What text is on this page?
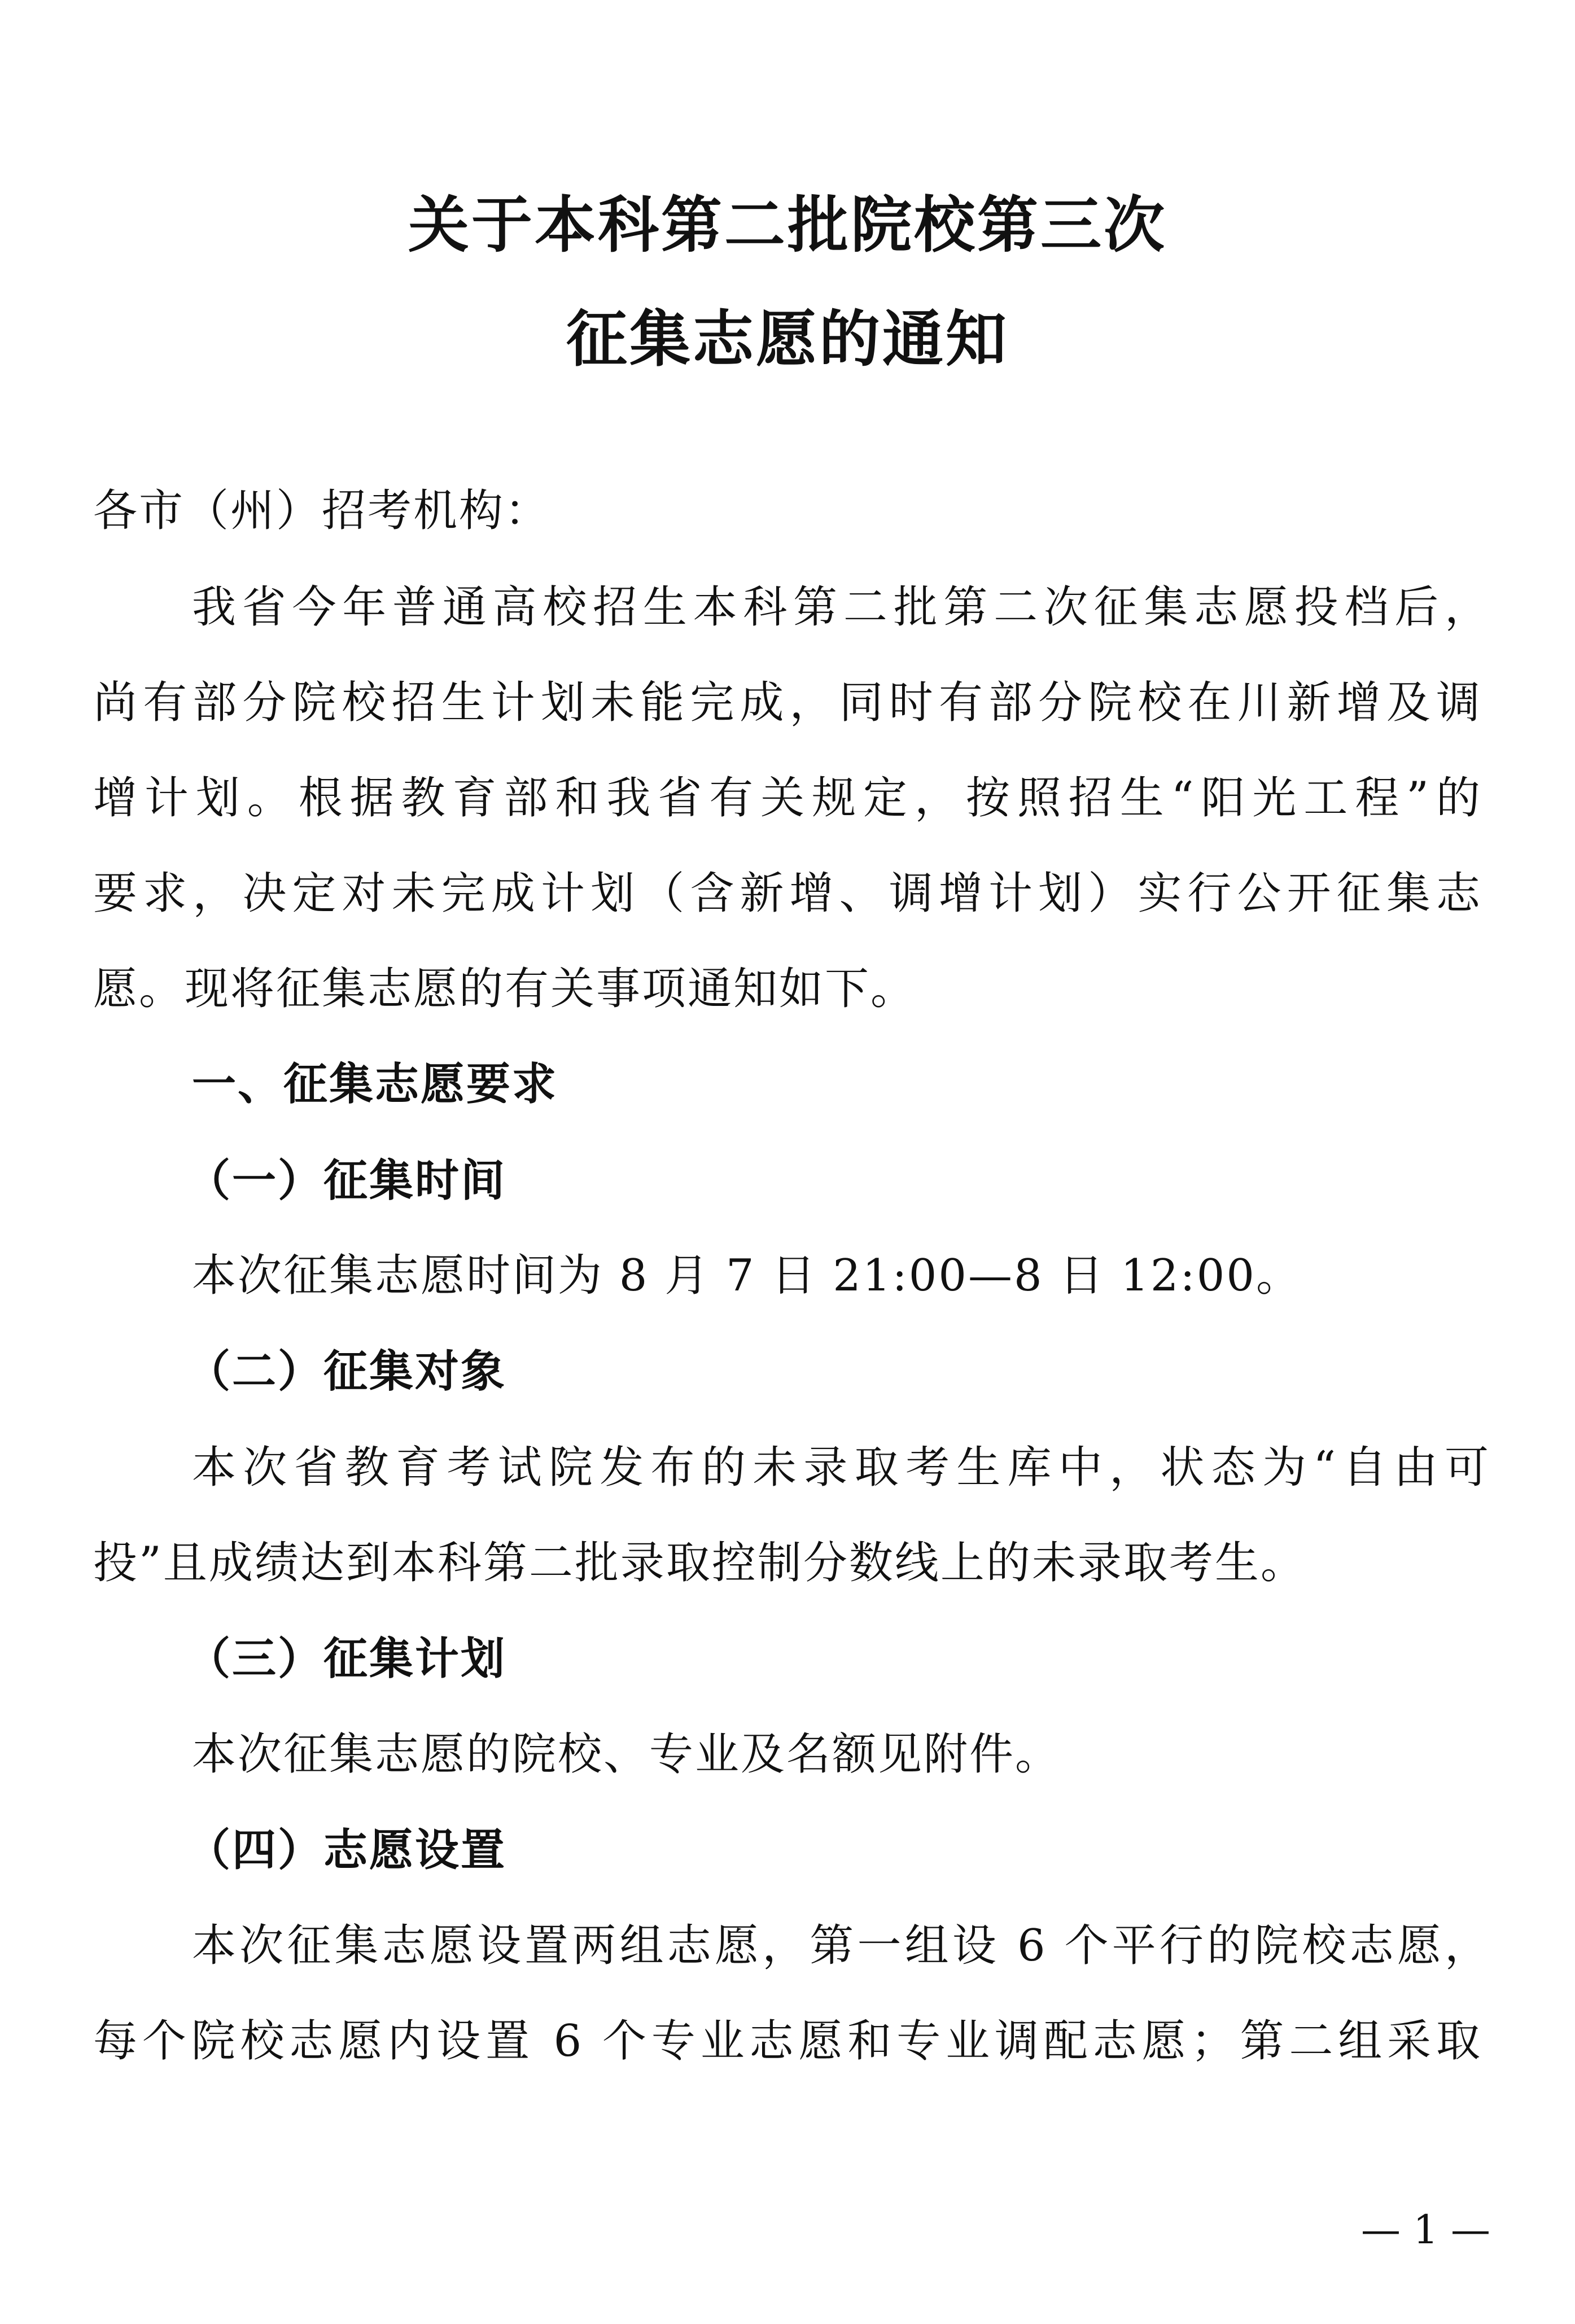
关于本科第二批院校第三次
征集志愿的通知
各市（州）招考机构：
我省今年普通高校招生本科第二批第二次征集志愿投档后，
尚有部分院校招生计划未能完成，同时有部分院校在川新增及调
增计划。根据教育部和我省有关规定，按照招生“阳光工程”的
要求，决定对未完成计划（含新增、调增计划）实行公开征集志
愿。现将征集志愿的有关事项通知如下。
一、征集志愿要求
（一）征集时间
本次征集志愿时间为 8 月 7 日 21:00—8 日 12:00。
（二）征集对象
本次省教育考试院发布的未录取考生库中，状态为“自由可
投”且成绩达到本科第二批录取控制分数线上的未录取考生。
（三）征集计划
本次征集志愿的院校、专业及名额见附件。
（四）志愿设置
本次征集志愿设置两组志愿，第一组设 6 个平行的院校志愿，
每个院校志愿内设置 6 个专业志愿和专业调配志愿；第二组采取
— 1 —
